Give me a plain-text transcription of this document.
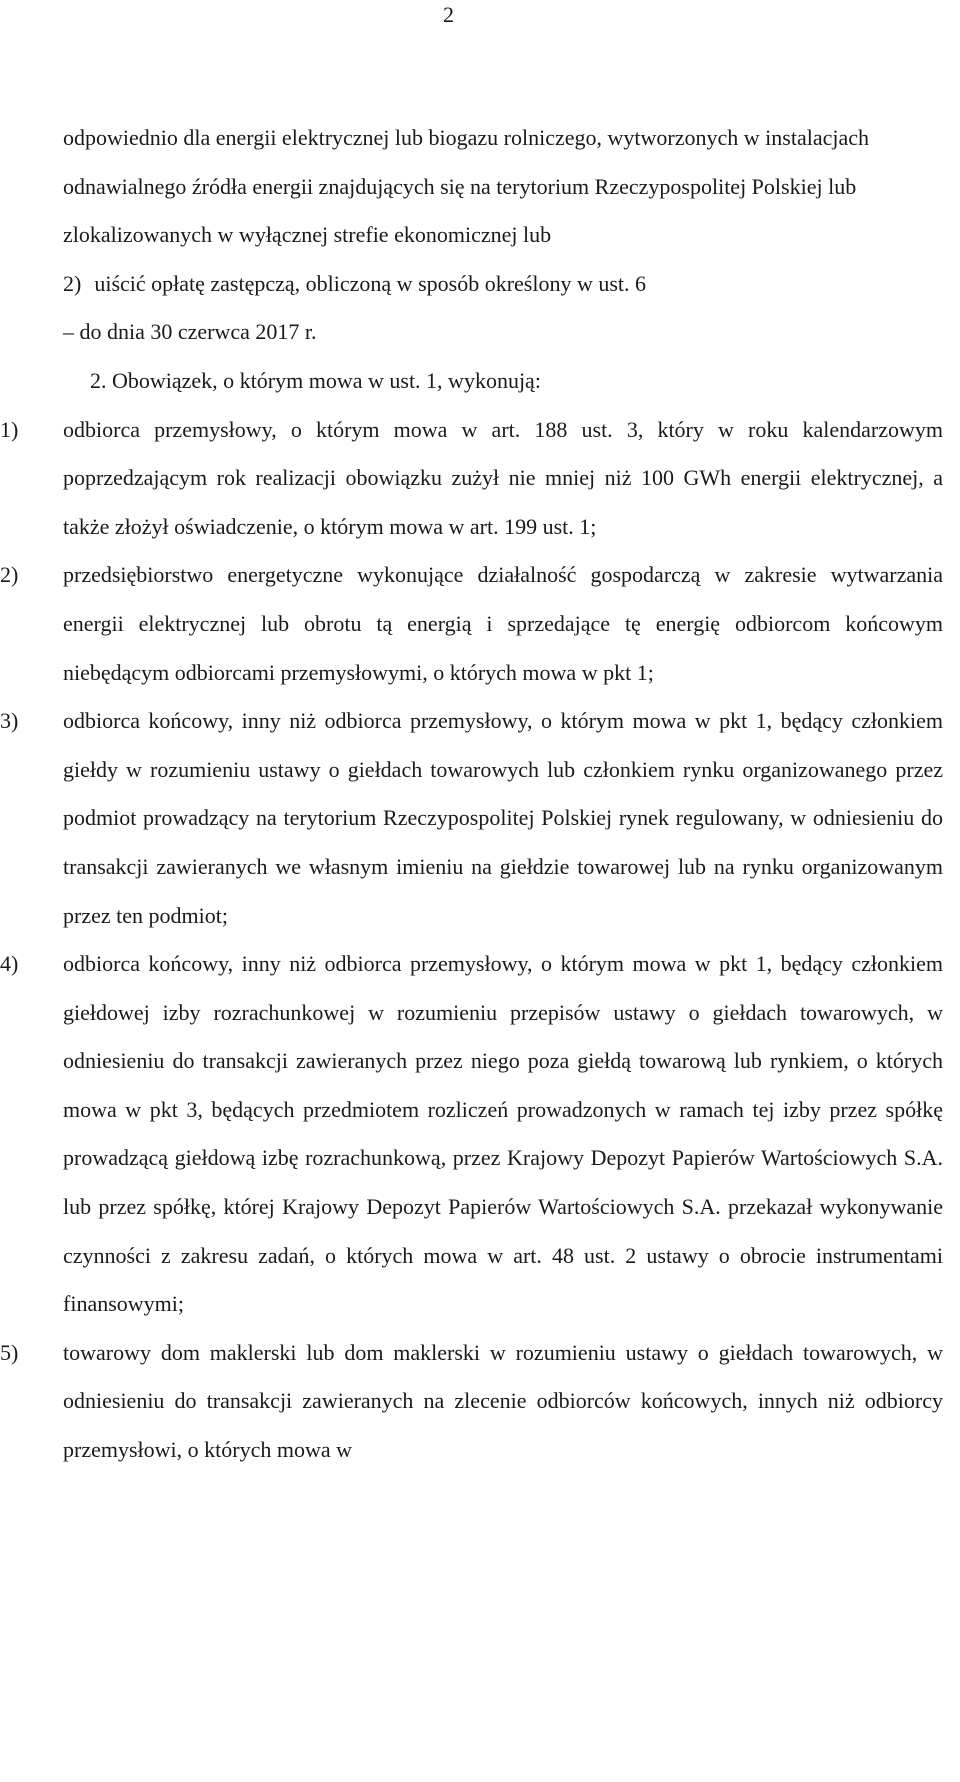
2
odpowiednio dla energii elektrycznej lub biogazu rolniczego, wytworzonych w instalacjach odnawialnego źródła energii znajdujących się na terytorium Rzeczypospolitej Polskiej lub zlokalizowanych w wyłącznej strefie ekonomicznej lub
2) uiścić opłatę zastępczą, obliczoną w sposób określony w ust. 6
– do dnia 30 czerwca 2017 r.
2. Obowiązek, o którym mowa w ust. 1, wykonują:
1) odbiorca przemysłowy, o którym mowa w art. 188 ust. 3, który w roku kalendarzowym poprzedzającym rok realizacji obowiązku zużył nie mniej niż 100 GWh energii elektrycznej, a także złożył oświadczenie, o którym mowa w art. 199 ust. 1;
2) przedsiębiorstwo energetyczne wykonujące działalność gospodarczą w zakresie wytwarzania energii elektrycznej lub obrotu tą energią i sprzedające tę energię odbiorcom końcowym niebędącym odbiorcami przemysłowymi, o których mowa w pkt 1;
3) odbiorca końcowy, inny niż odbiorca przemysłowy, o którym mowa w pkt 1, będący członkiem giełdy w rozumieniu ustawy o giełdach towarowych lub członkiem rynku organizowanego przez podmiot prowadzący na terytorium Rzeczypospolitej Polskiej rynek regulowany, w odniesieniu do transakcji zawieranych we własnym imieniu na giełdzie towarowej lub na rynku organizowanym przez ten podmiot;
4) odbiorca końcowy, inny niż odbiorca przemysłowy, o którym mowa w pkt 1, będący członkiem giełdowej izby rozrachunkowej w rozumieniu przepisów ustawy o giełdach towarowych, w odniesieniu do transakcji zawieranych przez niego poza giełdą towarową lub rynkiem, o których mowa w pkt 3, będących przedmiotem rozliczeń prowadzonych w ramach tej izby przez spółkę prowadzącą giełdową izbę rozrachunkową, przez Krajowy Depozyt Papierów Wartościowych S.A. lub przez spółkę, której Krajowy Depozyt Papierów Wartościowych S.A. przekazał wykonywanie czynności z zakresu zadań, o których mowa w art. 48 ust. 2 ustawy o obrocie instrumentami finansowymi;
5) towarowy dom maklerski lub dom maklerski w rozumieniu ustawy o giełdach towarowych, w odniesieniu do transakcji zawieranych na zlecenie odbiorców końcowych, innych niż odbiorcy przemysłowi, o których mowa w
